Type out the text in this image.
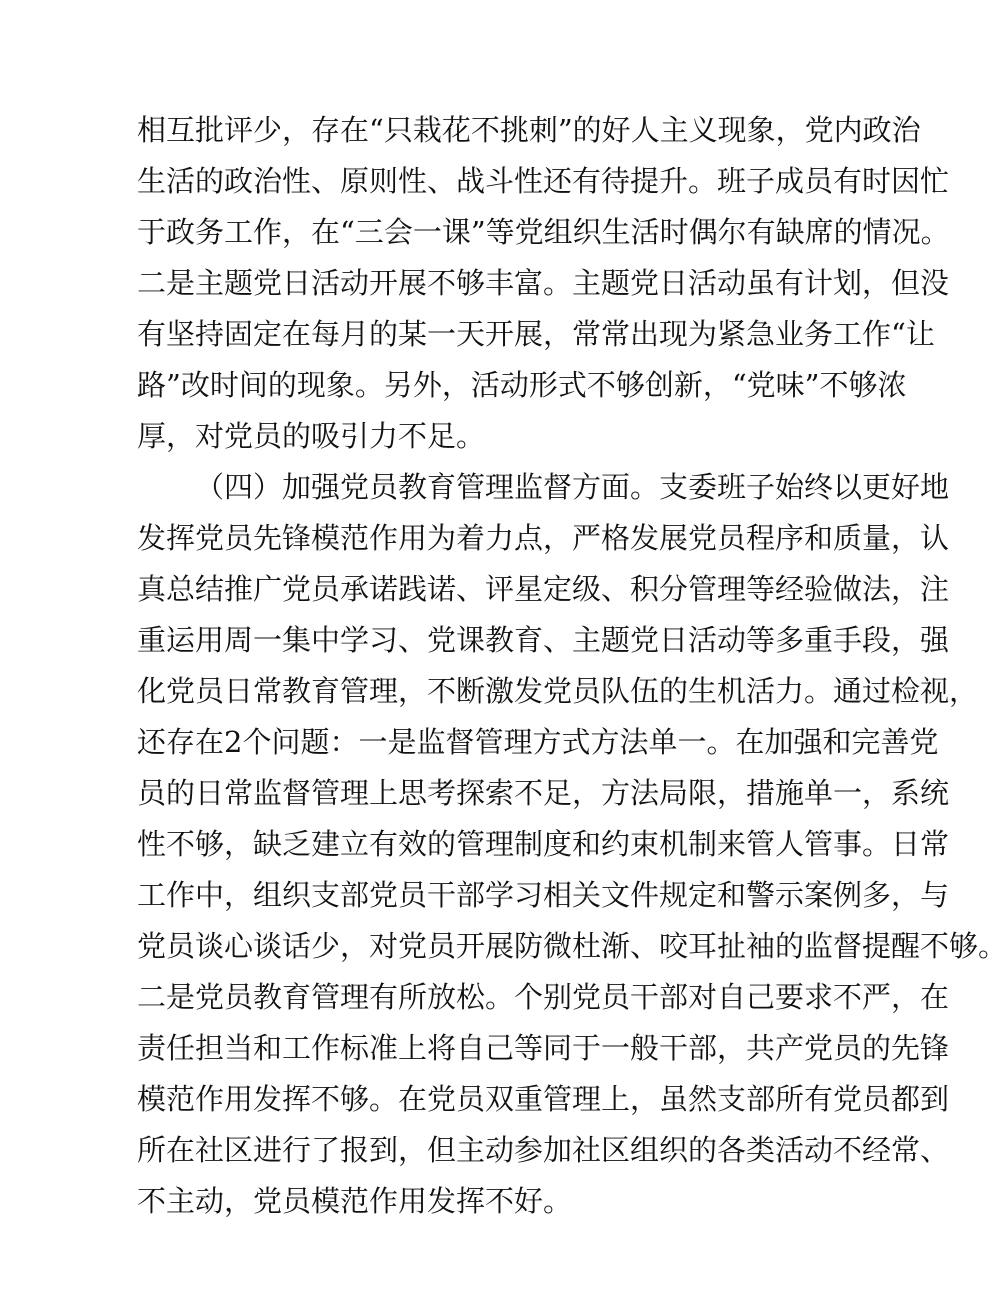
相互批评少，存在“只栽花不挑刺”的好人主义现象，党内政治
生活的政治性、原则性、战斗性还有待提升。班子成员有时因忙
于政务工作，在“三会一课”等党组织生活时偶尔有缺席的情况。
二是主题党日活动开展不够丰富。主题党日活动虽有计划，但没
有坚持固定在每月的某一天开展，常常出现为紧急业务工作“让
路”改时间的现象。另外，活动形式不够创新，“党味”不够浓
厚，对党员的吸引力不足。
（四）加强党员教育管理监督方面。支委班子始终以更好地
发挥党员先锋模范作用为着力点，严格发展党员程序和质量，认
真总结推广党员承诺践诺、评星定级、积分管理等经验做法，注
重运用周一集中学习、党课教育、主题党日活动等多重手段，强
化党员日常教育管理，不断激发党员队伍的生机活力。通过检视，
还存在2个问题：一是监督管理方式方法单一。在加强和完善党
员的日常监督管理上思考探索不足，方法局限，措施单一，系统
性不够，缺乏建立有效的管理制度和约束机制来管人管事。日常
工作中，组织支部党员干部学习相关文件规定和警示案例多，与
党员谈心谈话少，对党员开展防微杜渐、咬耳扯袖的监督提醒不够。
二是党员教育管理有所放松。个别党员干部对自己要求不严，在
责任担当和工作标准上将自己等同于一般干部，共产党员的先锋
模范作用发挥不够。在党员双重管理上，虽然支部所有党员都到
所在社区进行了报到，但主动参加社区组织的各类活动不经常、
不主动，党员模范作用发挥不好。
